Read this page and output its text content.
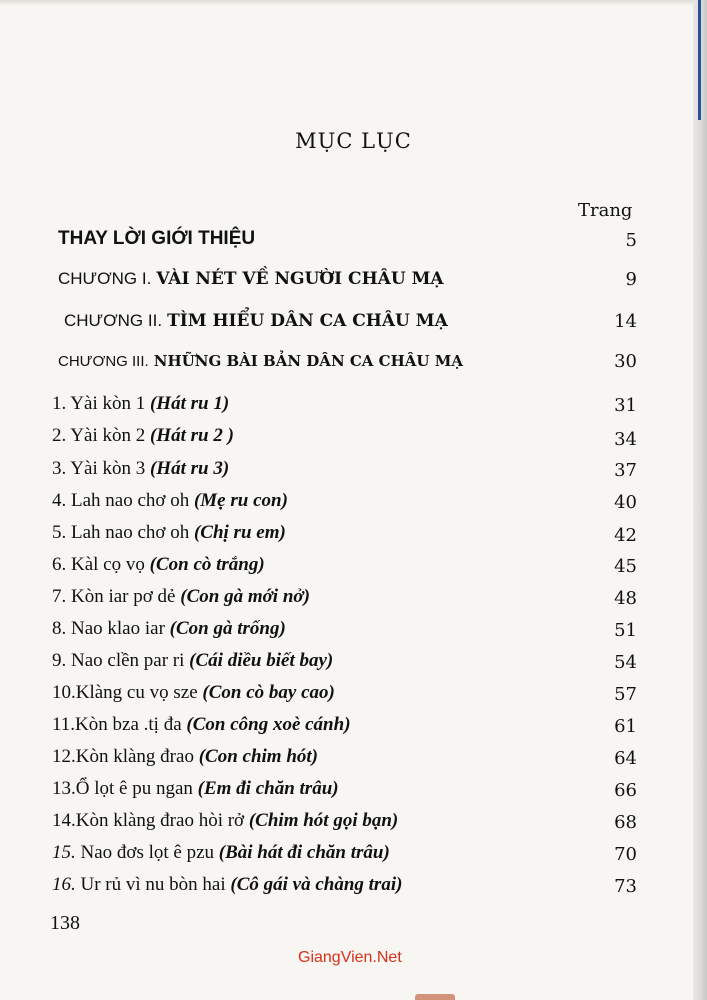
MỤC LỤC
Trang
THAY LỜI GIỚI THIỆU	5
CHƯƠNG I. VÀI NÉT VỀ NGƯỜI CHÂU MẠ	9
CHƯƠNG II. TÌM HIỂU DÂN CA CHÂU MẠ	14
CHƯƠNG III. NHỮNG BÀI BẢN DÂN CA CHÂU MẠ	30
1. Yài kòn 1 (Hát ru 1)	31
2. Yài kòn 2 (Hát ru 2 )	34
3. Yài kòn 3 (Hát ru 3)	37
4. Lah nao chơ oh (Mẹ ru con)	40
5. Lah nao chơ oh (Chị ru em)	42
6. Kàl cọ vọ (Con cò trắng)	45
7. Kòn iar pơ dẻ (Con gà mới nở)	48
8. Nao klao iar (Con gà trống)	51
9. Nao clền par ri (Cái diều biết bay)	54
10.Klàng cu vọ sze (Con cò bay cao)	57
11.Kòn bza .tị đa (Con công xoè cánh)	61
12.Kòn klàng đrao (Con chim hót)	64
13.Ổ lọt ê pu ngan (Em đi chăn trâu)	66
14.Kòn klàng đrao hòi rở (Chim hót gọi bạn)	68
15. Nao đơs lọt ê pzu (Bài hát đi chăn trâu)	70
16. Ur rủ vì nu bòn hai (Cô gái và chàng trai)	73
138
GiangVien.Net
